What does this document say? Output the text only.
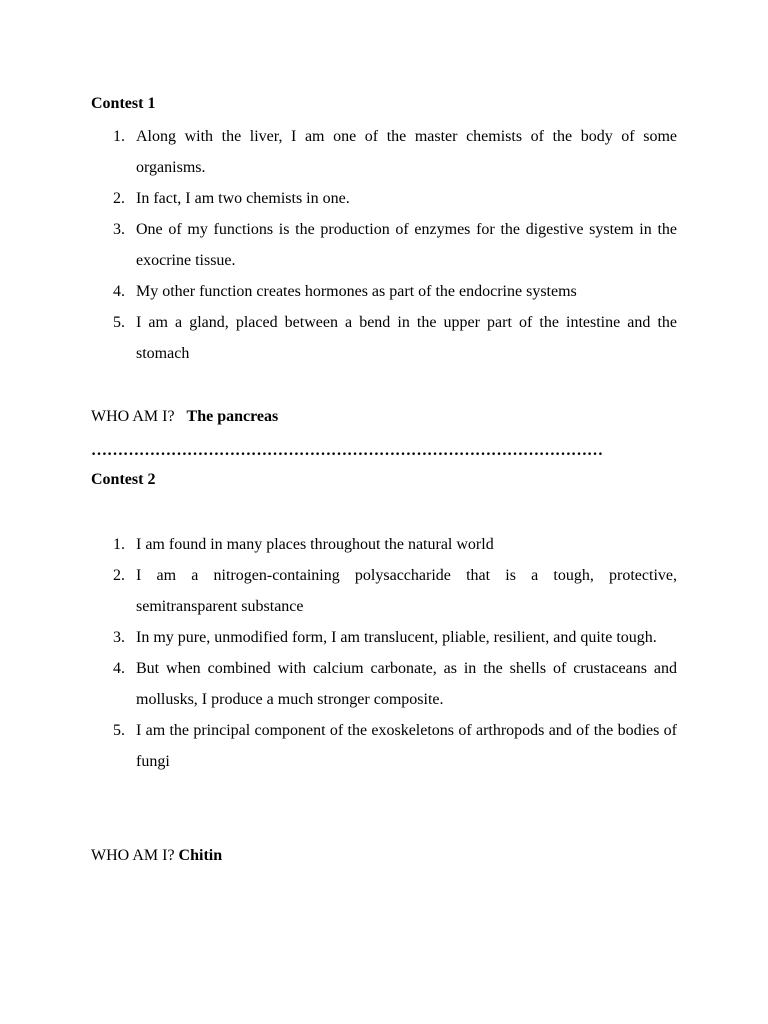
Contest 1

1. Along with the liver, I am one of the master chemists of the body of some organisms.
2. In fact, I am two chemists in one.
3. One of my functions is the production of enzymes for the digestive system in the exocrine tissue.
4. My other function creates hormones as part of the endocrine systems
5. I am a gland, placed between a bend in the upper part of the intestine and the stomach

WHO AM I? The pancreas

……………………………………………………………………………………

Contest 2

1. I am found in many places throughout the natural world
2. I am a nitrogen-containing polysaccharide that is a tough, protective, semitransparent substance
3. In my pure, unmodified form, I am translucent, pliable, resilient, and quite tough.
4. But when combined with calcium carbonate, as in the shells of crustaceans and mollusks, I produce a much stronger composite.
5. I am the principal component of the exoskeletons of arthropods and of the bodies of fungi

WHO AM I? Chitin
